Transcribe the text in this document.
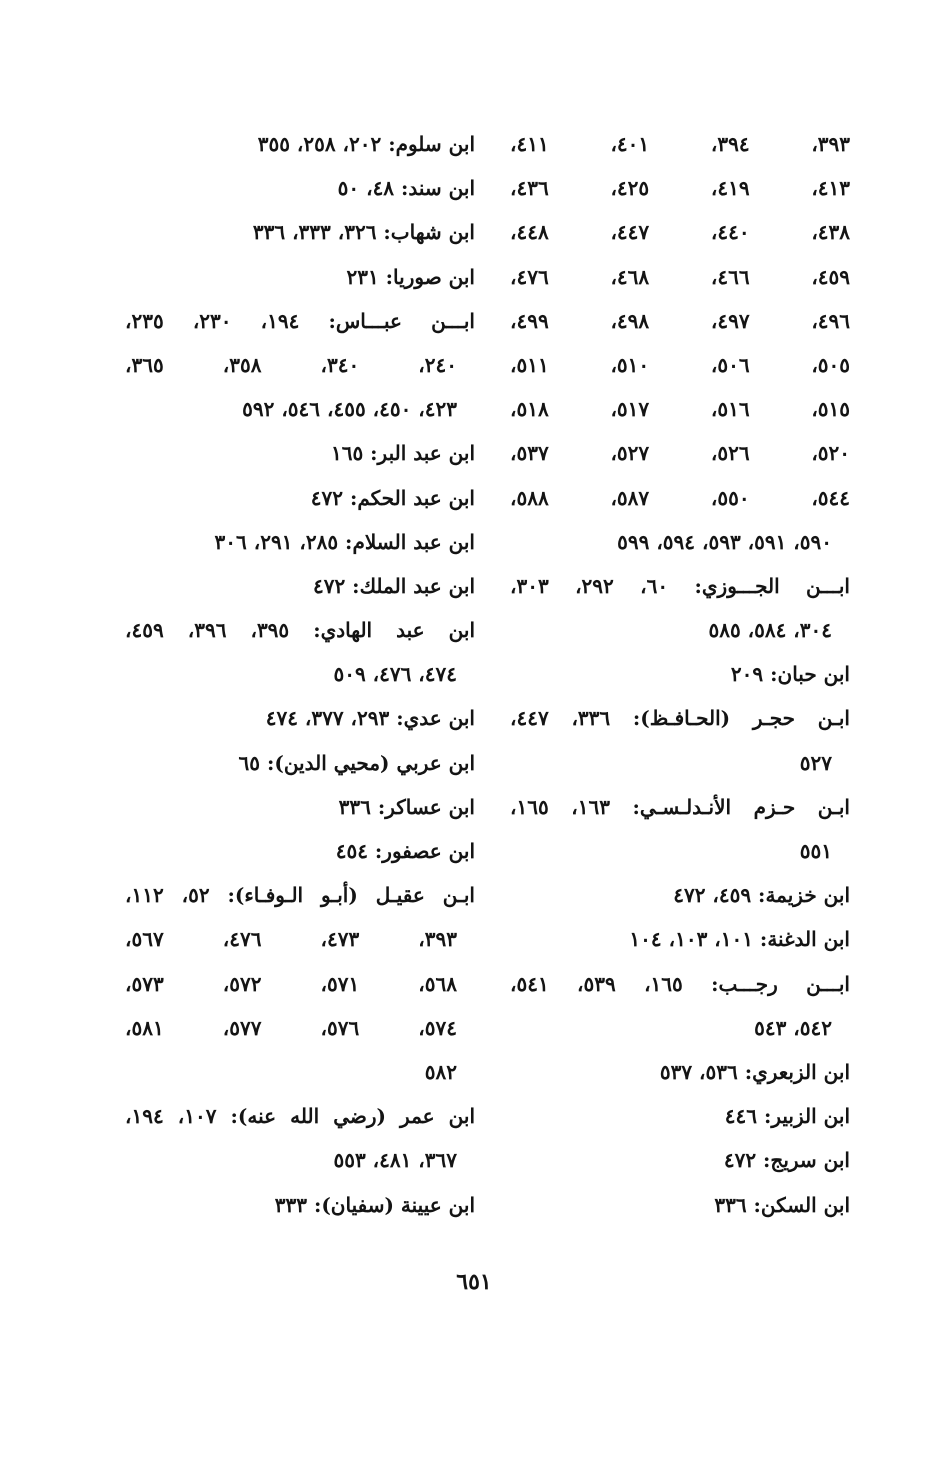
٣٩٣، ٣٩٤، ٤٠١، ٤١١،
٤١٣، ٤١٩، ٤٢٥، ٤٣٦،
٤٣٨، ٤٤٠، ٤٤٧، ٤٤٨،
٤٥٩، ٤٦٦، ٤٦٨، ٤٧٦،
٤٩٦، ٤٩٧، ٤٩٨، ٤٩٩،
٥٠٥، ٥٠٦، ٥١٠، ٥١١،
٥١٥، ٥١٦، ٥١٧، ٥١٨،
٥٢٠، ٥٢٦، ٥٢٧، ٥٣٧،
٥٤٤، ٥٥٠، ٥٨٧، ٥٨٨،
٥٩٠، ٥٩١، ٥٩٣، ٥٩٤، ٥٩٩
ابـــن الجـــوزي: ٦٠، ٢٩٢، ٣٠٣،
٣٠٤، ٥٨٤، ٥٨٥
ابن حبان: ٢٠٩
ابـن حجـر (الحـافـظ): ٣٣٦، ٤٤٧،
٥٢٧
ابـن حـزم الأنـدلـسـي: ١٦٣، ١٦٥،
٥٥١
ابن خزيمة: ٤٥٩، ٤٧٢
ابن الدغنة: ١٠١، ١٠٣، ١٠٤
ابـــن رجـــب: ١٦٥، ٥٣٩، ٥٤١،
٥٤٢، ٥٤٣
ابن الزبعري: ٥٣٦، ٥٣٧
ابن الزبير: ٤٤٦
ابن سريج: ٤٧٢
ابن السكن: ٣٣٦
ابن سلوم: ٢٠٢، ٢٥٨، ٣٥٥
ابن سند: ٤٨، ٥٠
ابن شهاب: ٣٢٦، ٣٣٣، ٣٣٦
ابن صوريا: ٢٣١
ابـــن عبـــاس: ١٩٤، ٢٣٠، ٢٣٥،
٢٤٠، ٣٤٠، ٣٥٨، ٣٦٥،
٤٢٣، ٤٥٠، ٤٥٥، ٥٤٦، ٥٩٢
ابن عبد البر: ١٦٥
ابن عبد الحكم: ٤٧٢
ابن عبد السلام: ٢٨٥، ٢٩١، ٣٠٦
ابن عبد الملك: ٤٧٢
ابن عبد الهادي: ٣٩٥، ٣٩٦، ٤٥٩،
٤٧٤، ٤٧٦، ٥٠٩
ابن عدي: ٢٩٣، ٣٧٧، ٤٧٤
ابن عربي (محيي الدين): ٦٥
ابن عساكر: ٣٣٦
ابن عصفور: ٤٥٤
ابـن عقيـل (أبـو الـوفـاء): ٥٢، ١١٢،
٣٩٣، ٤٧٣، ٤٧٦، ٥٦٧،
٥٦٨، ٥٧١، ٥٧٢، ٥٧٣،
٥٧٤، ٥٧٦، ٥٧٧، ٥٨١،
٥٨٢
ابن عمر (رضي الله عنه): ١٠٧، ١٩٤،
٣٦٧، ٤٨١، ٥٥٣
ابن عيينة (سفيان): ٣٣٣
٦٥١
